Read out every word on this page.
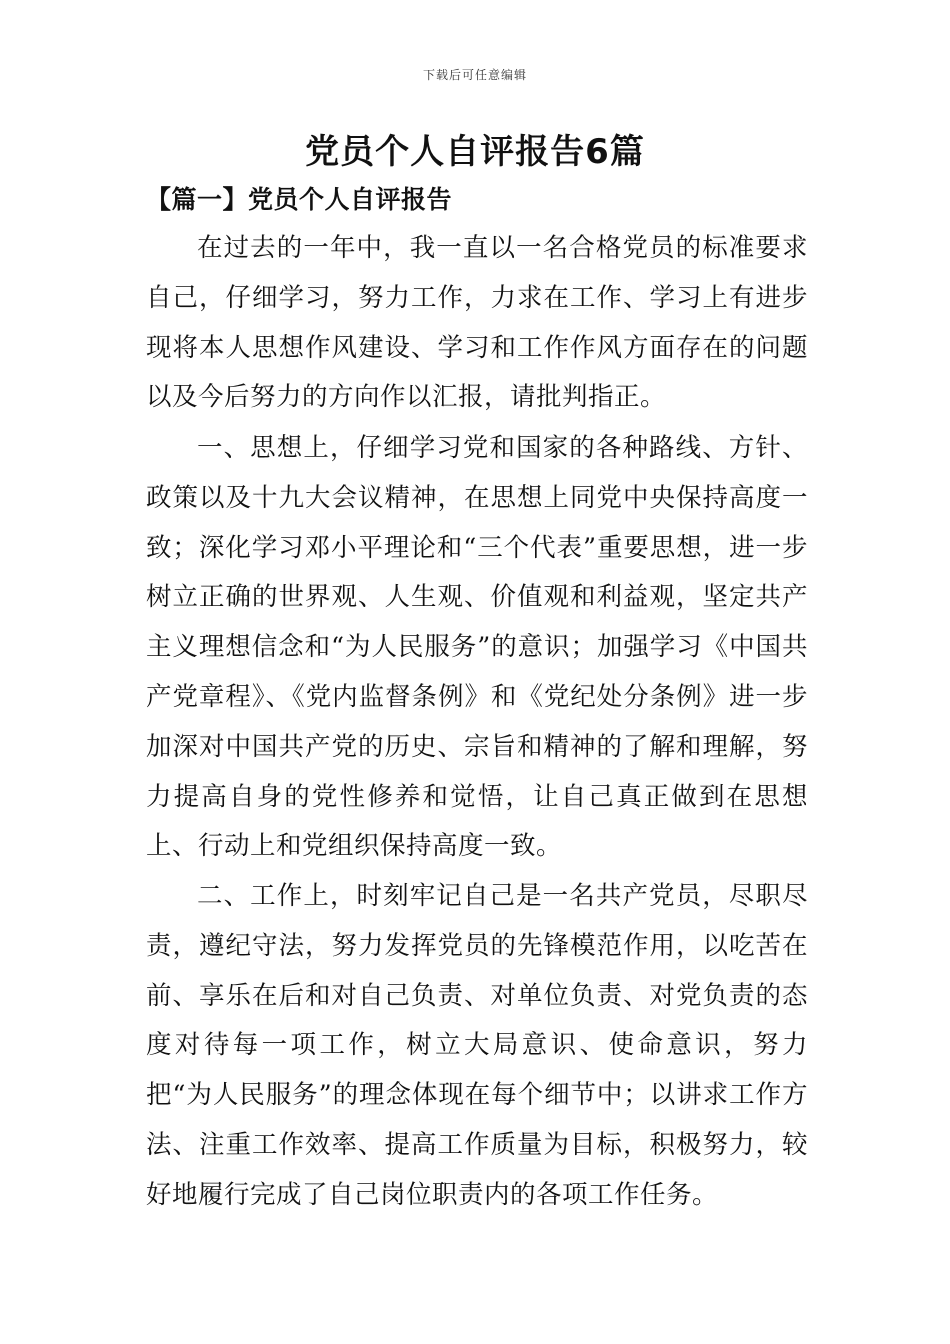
下载后可任意编辑
党员个人自评报告6篇
【篇一】党员个人自评报告

在过去的一年中，我一直以一名合格党员的标准要求自己，仔细学习，努力工作，力求在工作、学习上有进步现将本人思想作风建设、学习和工作作风方面存在的问题以及今后努力的方向作以汇报，请批判指正。

一、思想上，仔细学习党和国家的各种路线、方针、政策以及十九大会议精神，在思想上同党中央保持高度一致；深化学习邓小平理论和“三个代表”重要思想，进一步树立正确的世界观、人生观、价值观和利益观，坚定共产主义理想信念和“为人民服务”的意识；加强学习《中国共产党章程》、《党内监督条例》和《党纪处分条例》进一步加深对中国共产党的历史、宗旨和精神的了解和理解，努力提高自身的党性修养和觉悟，让自己真正做到在思想上、行动上和党组织保持高度一致。

二、工作上，时刻牢记自己是一名共产党员，尽职尽责，遵纪守法，努力发挥党员的先锋模范作用，以吃苦在前、享乐在后和对自己负责、对单位负责、对党负责的态度对待每一项工作，树立大局意识、使命意识，努力把“为人民服务”的理念体现在每个细节中；以讲求工作方法、注重工作效率、提高工作质量为目标，积极努力，较好地履行完成了自己岗位职责内的各项工作任务。
